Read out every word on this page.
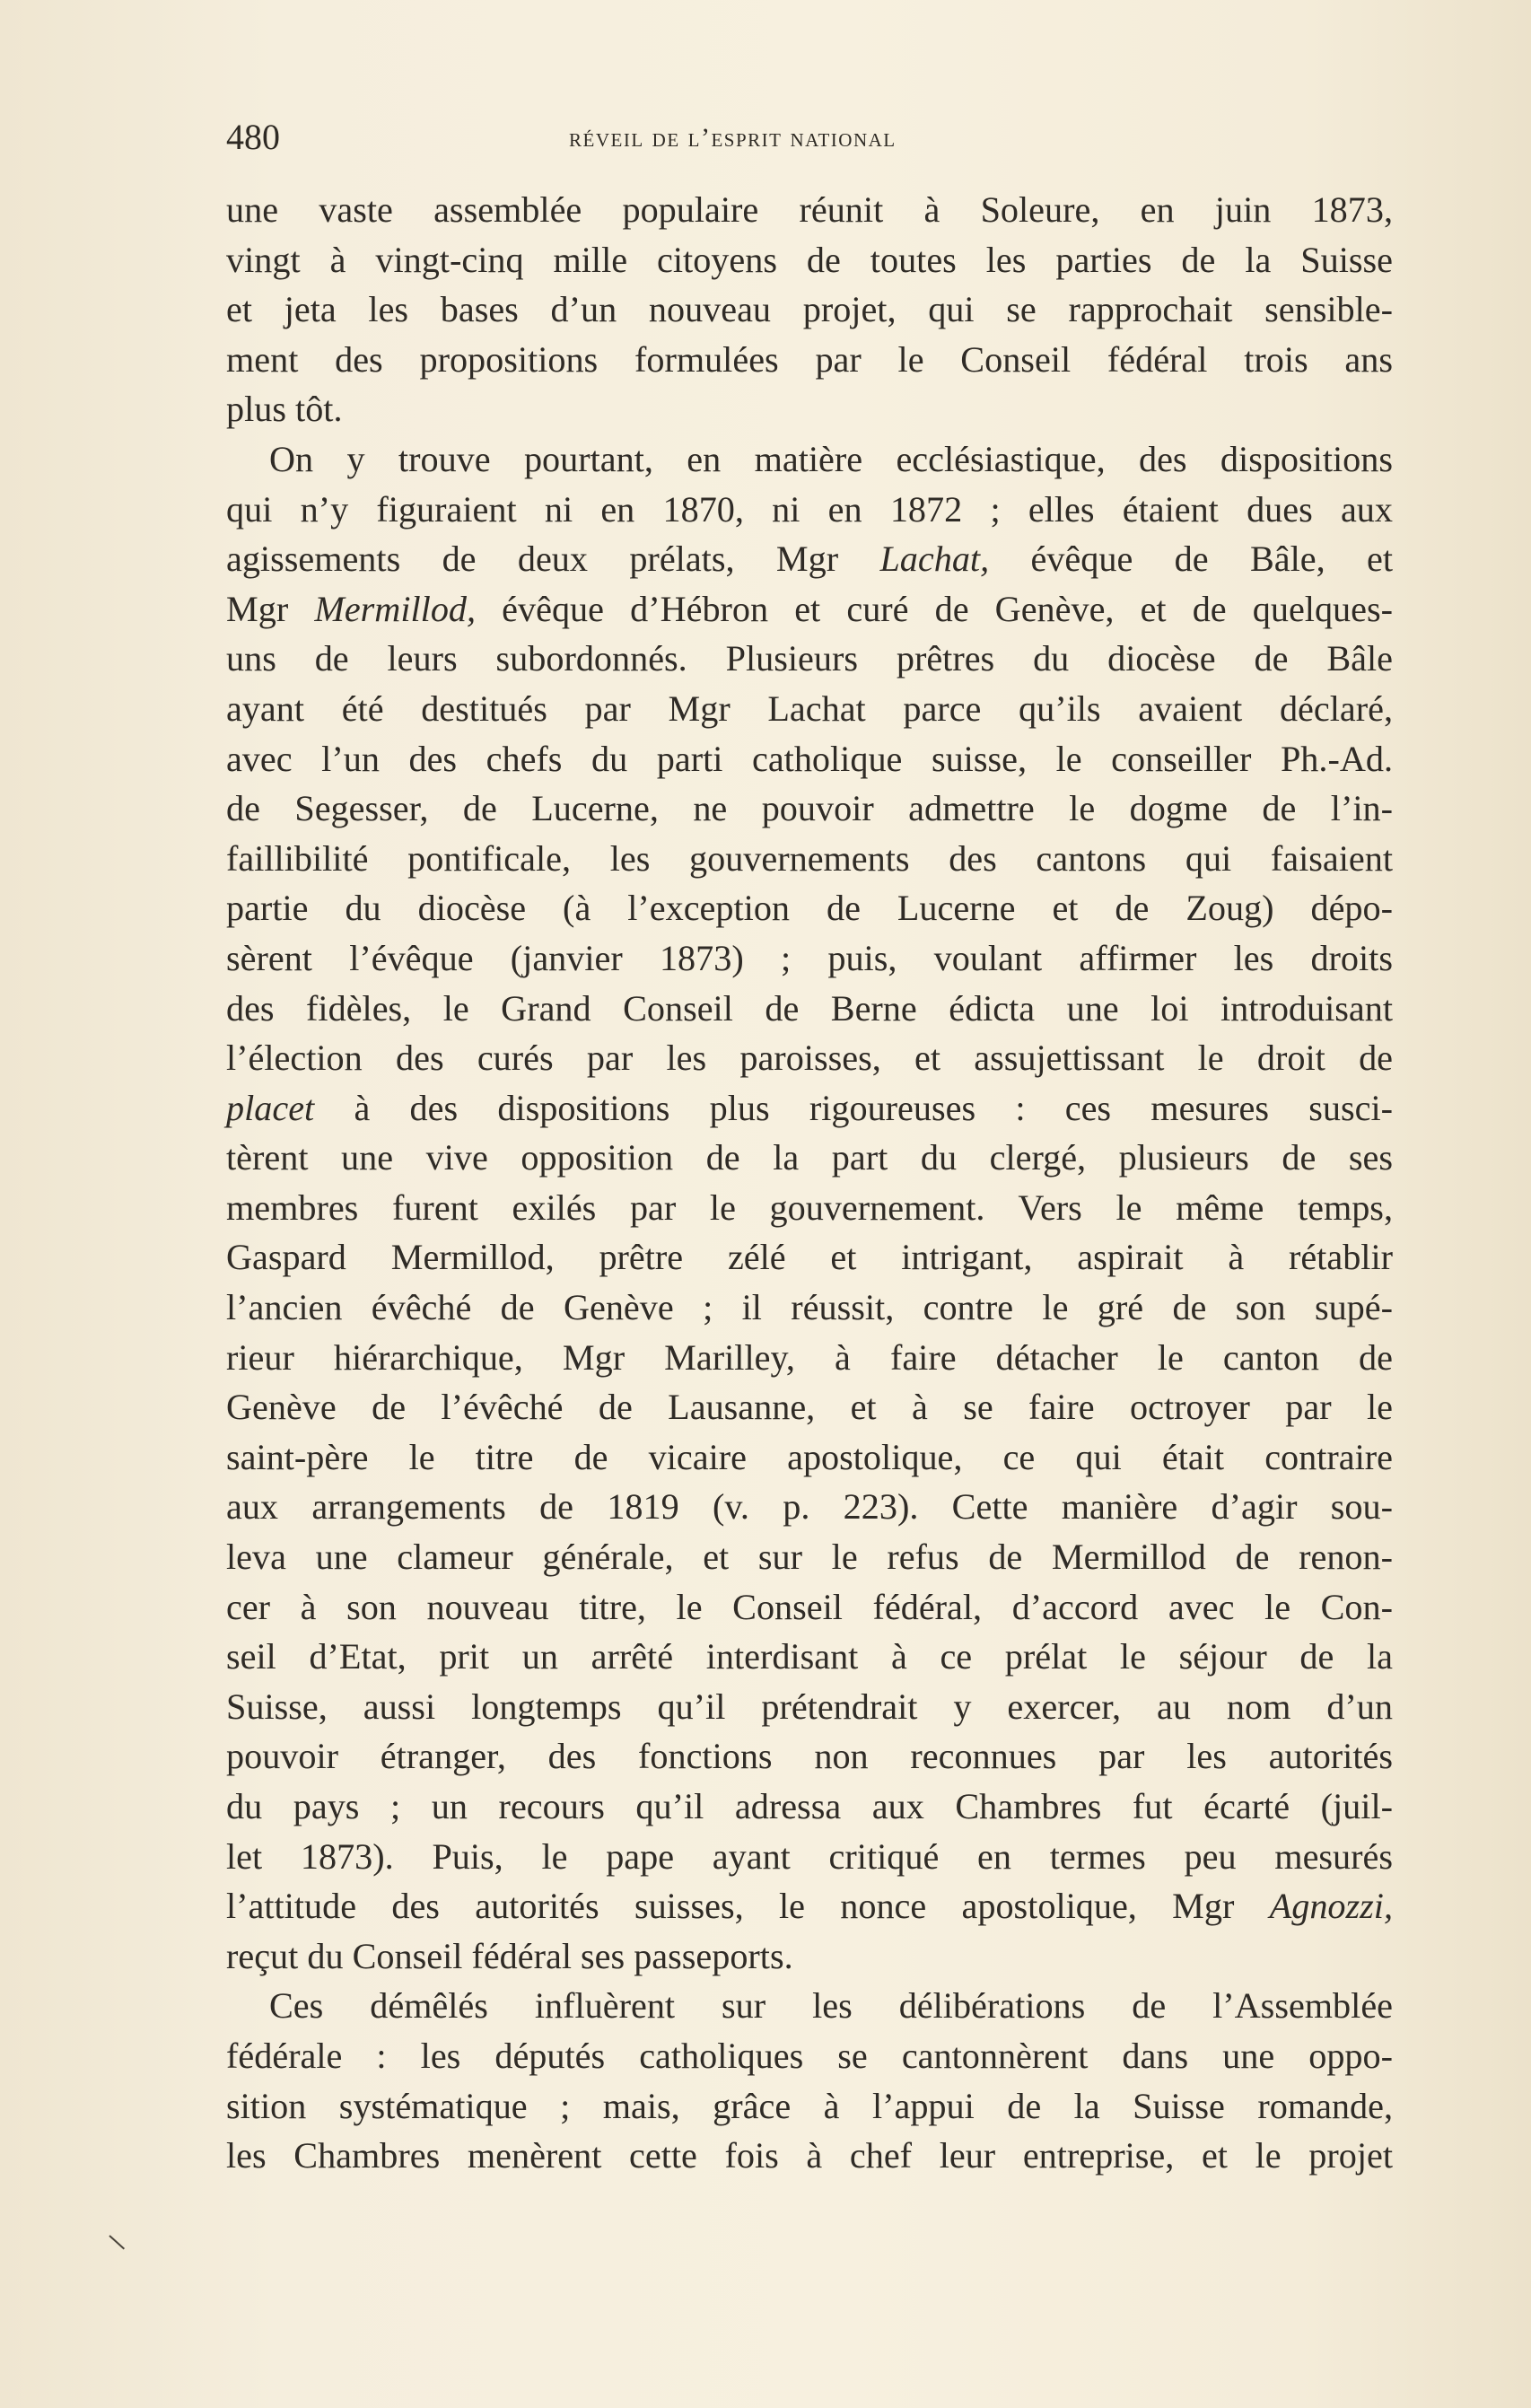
480	réveil de l’esprit national
une vaste assemblée populaire réunit à Soleure, en juin 1873,
vingt à vingt-cinq mille citoyens de toutes les parties de la Suisse
et jeta les bases d’un nouveau projet, qui se rapprochait sensible-
ment des propositions formulées par le Conseil fédéral trois ans
plus tôt.
On y trouve pourtant, en matière ecclésiastique, des dispositions
qui n’y figuraient ni en 1870, ni en 1872 ; elles étaient dues aux
agissements de deux prélats, Mgr Lachat, évêque de Bâle, et
Mgr Mermillod, évêque d’Hébron et curé de Genève, et de quelques-
uns de leurs subordonnés. Plusieurs prêtres du diocèse de Bâle
ayant été destitués par Mgr Lachat parce qu’ils avaient déclaré,
avec l’un des chefs du parti catholique suisse, le conseiller Ph.-Ad.
de Segesser, de Lucerne, ne pouvoir admettre le dogme de l’in-
faillibilité pontificale, les gouvernements des cantons qui faisaient
partie du diocèse (à l’exception de Lucerne et de Zoug) dépo-
sèrent l’évêque (janvier 1873) ; puis, voulant affirmer les droits
des fidèles, le Grand Conseil de Berne édicta une loi introduisant
l’élection des curés par les paroisses, et assujettissant le droit de
placet à des dispositions plus rigoureuses : ces mesures susci-
tèrent une vive opposition de la part du clergé, plusieurs de ses
membres furent exilés par le gouvernement. Vers le même temps,
Gaspard Mermillod, prêtre zélé et intrigant, aspirait à rétablir
l’ancien évêché de Genève ; il réussit, contre le gré de son supé-
rieur hiérarchique, Mgr Marilley, à faire détacher le canton de
Genève de l’évêché de Lausanne, et à se faire octroyer par le
saint-père le titre de vicaire apostolique, ce qui était contraire
aux arrangements de 1819 (v. p. 223). Cette manière d’agir sou-
leva une clameur générale, et sur le refus de Mermillod de renon-
cer à son nouveau titre, le Conseil fédéral, d’accord avec le Con-
seil d’Etat, prit un arrêté interdisant à ce prélat le séjour de la
Suisse, aussi longtemps qu’il prétendrait y exercer, au nom d’un
pouvoir étranger, des fonctions non reconnues par les autorités
du pays ; un recours qu’il adressa aux Chambres fut écarté (juil-
let 1873). Puis, le pape ayant critiqué en termes peu mesurés
l’attitude des autorités suisses, le nonce apostolique, Mgr Agnozzi,
reçut du Conseil fédéral ses passeports.
Ces démêlés influèrent sur les délibérations de l’Assemblée
fédérale : les députés catholiques se cantonnèrent dans une oppo-
sition systématique ; mais, grâce à l’appui de la Suisse romande,
les Chambres menèrent cette fois à chef leur entreprise, et le projet
